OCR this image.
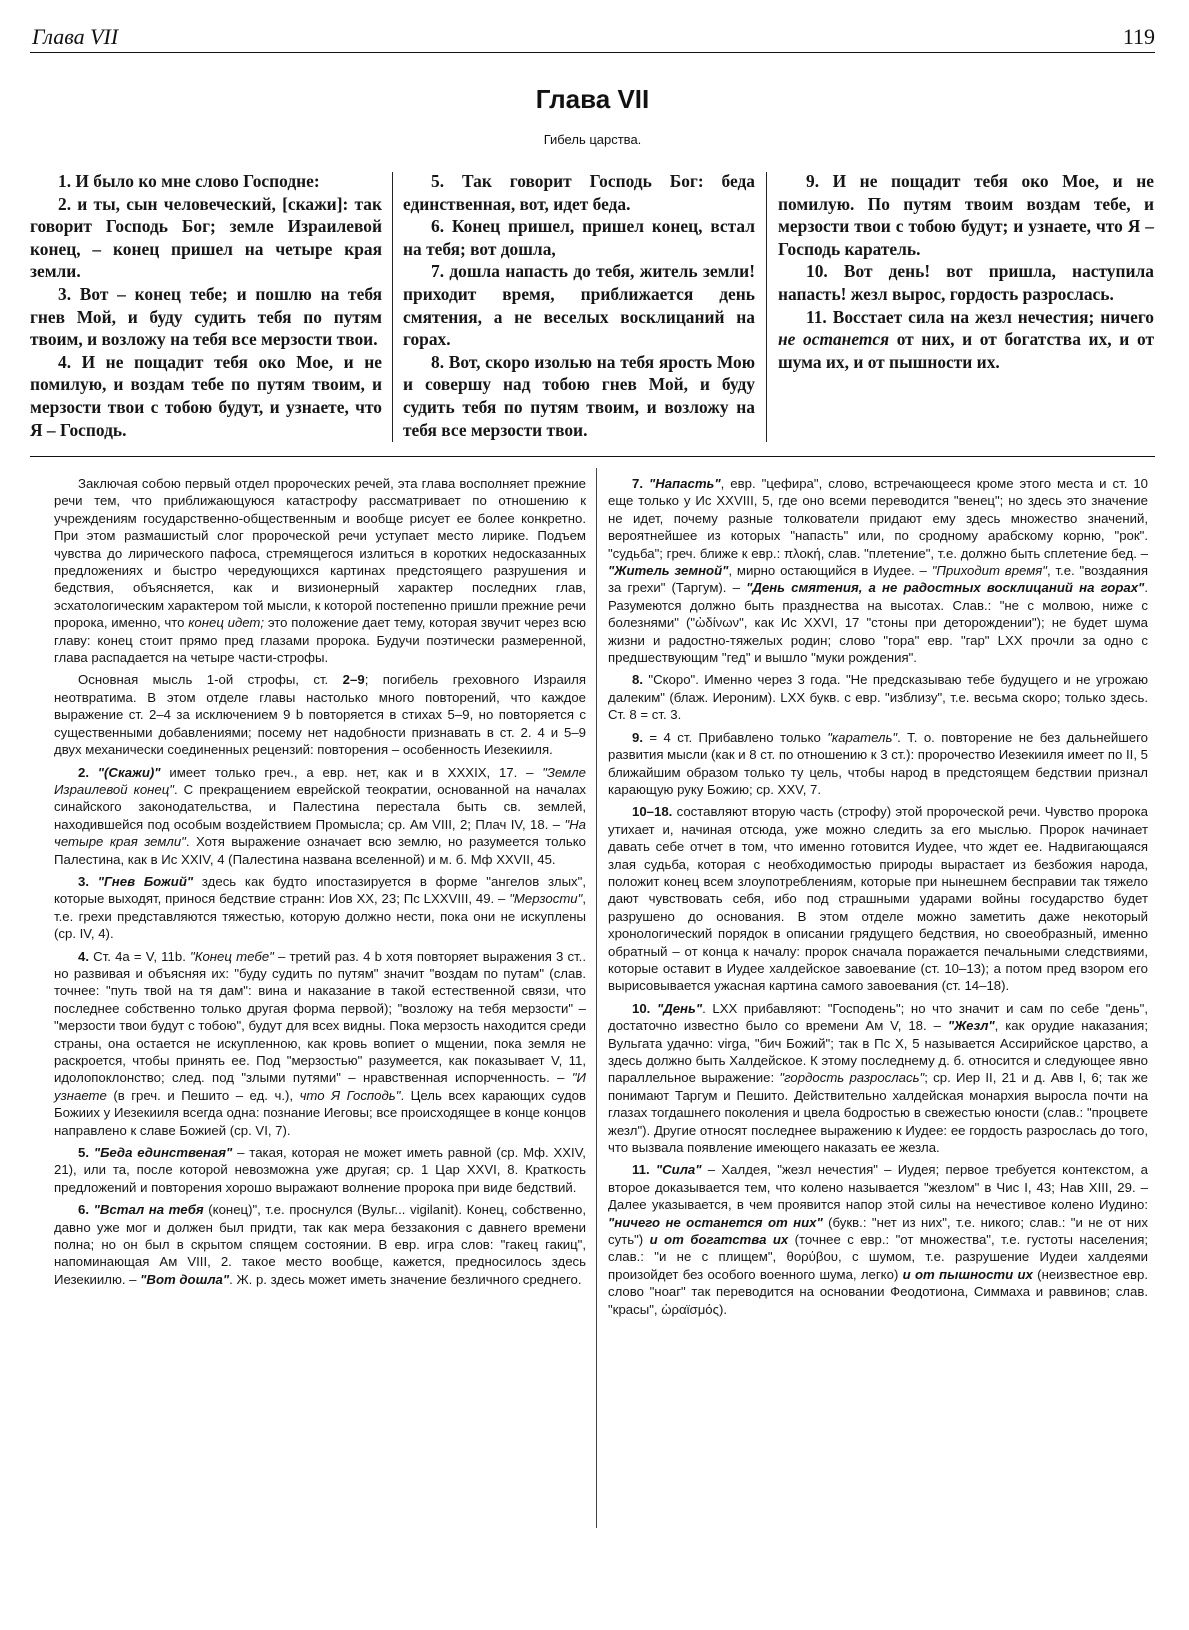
Глава VII	119
Глава VII
Гибель царства.

1. И было ко мне слово Господне:

2. и ты, сын человеческий, [скажи]: так говорит Господь Бог; земле Израилевой конец, – конец пришел на четыре края земли.

3. Вот – конец тебе; и пошлю на тебя гнев Мой, и буду судить тебя по путям твоим, и возложу на тебя все мерзости твои.

4. И не пощадит тебя око Мое, и не помилую, и воздам тебе по путям твоим, и мерзости твои с тобою будут, и узнаете, что Я – Господь.

5. Так говорит Господь Бог: беда единственная, вот, идет беда.

6. Конец пришел, пришел конец, встал на тебя; вот дошла,

7. дошла напасть до тебя, житель земли! приходит время, приближается день смятения, а не веселых восклицаний на горах.

8. Вот, скоро изолью на тебя ярость Мою и совершу над тобою гнев Мой, и буду судить тебя по путям твоим, и возложу на тебя все мерзости твои.

9. И не пощадит тебя око Мое, и не помилую. По путям твоим воздам тебе, и мерзости твои с тобою будут; и узнаете, что Я – Господь каратель.

10. Вот день! вот пришла, наступила напасть! жезл вырос, гордость разрослась.

11. Восстает сила на жезл нечестия; ничего не останется от них, и от богатства их, и от шума их, и от пышности их.

Заключая собою первый отдел пророческих речей, эта глава восполняет прежние речи тем, что приближающуюся катастрофу рассматривает по отношению к учреждениям государственно-общественным и вообще рисует ее более конкретно. При этом размашистый слог пророческой речи уступает место лирике. Подъем чувства до лирического пафоса, стремящегося излиться в коротких недосказанных предложениях и быстро чередующихся картинах предстоящего разрушения и бедствия, объясняется, как и визионерный характер последних глав, эсхатологическим характером той мысли, к которой постепенно пришли прежние речи пророка, именно, что конец идет; это положение дает тему, которая звучит через всю главу: конец стоит прямо пред глазами пророка. Будучи поэтически размеренной, глава распадается на четыре части-строфы.

Основная мысль 1-ой строфы, ст. 2–9; погибель греховного Израиля неотвратима. В этом отделе главы настолько много повторений, что каждое выражение ст. 2–4 за исключением 9 b повторяется в стихах 5–9, но повторяется с существенными добавлениями; посему нет надобности признавать в ст. 2. 4 и 5–9 двух механически соединенных рецензий: повторения – особенность Иезекииля.

2. "(Скажи)" имеет только греч., а евр. нет, как и в XXXIX, 17. – "Земле Израилевой конец". С прекращением еврейской теократии, основанной на началах синайского законодательства, и Палестина перестала быть св. землей, находившейся под особым воздействием Промысла; ср. Ам VIII, 2; Плач IV, 18. – "На четыре края земли". Хотя выражение означает всю землю, но разумеется только Палестина, как в Ис XXIV, 4 (Палестина названа вселенной) и м. б. Мф XXVII, 45.

3. "Гнев Божий" здесь как будто ипостазируется в форме "ангелов злых", которые выходят, принося бедствие странн: Иов XX, 23; Пс LXXVIII, 49. – "Мерзости", т.е. грехи представляются тяжестью, которую должно нести, пока они не искуплены (ср. IV, 4).

4. Ст. 4а = V, 11b. "Конец тебе" – третий раз. 4 b хотя повторяет выражения 3 ст.. но развивая и объясняя их: "буду судить по путям" значит "воздам по путам" (слав. точнее: "путь твой на тя дам": вина и наказание в такой естественной связи, что последнее собственно только другая форма первой); "возложу на тебя мерзости" – "мерзости твои будут с тобою", будут для всех видны. Пока мерзость находится среди страны, она остается не искупленною, как кровь вопиет о мщении, пока земля не раскроется, чтобы принять ее. Под "мерзостью" разумеется, как показывает V, 11, идолопоклонство; след. под "злыми путями" – нравственная испорченность. – "И узнаете (в греч. и Пешито – ед. ч.), что Я Господь". Цель всех карающих судов Божиих у Иезекииля всегда одна: познание Иеговы; все происходящее в конце концов направлено к славе Божией (ср. VI, 7).

5. "Беда единственая" – такая, которая не может иметь равной (ср. Мф. XXIV, 21), или та, после которой невозможна уже другая; ср. 1 Цар XXVI, 8. Краткость предложений и повторения хорошо выражают волнение пророка при виде бедствий.

6. "Встал на тебя (конец)", т.е. проснулся (Вульг... vigilanit). Конец, собственно, давно уже мог и должен был придти, так как мера беззакония с давнего времени полна; но он был в скрытом спящем состоянии. В евр. игра слов: "гакец гакиц", напоминающая Ам VIII, 2. такое место вообще, кажется, предносилось здесь Иезекиилю. – "Вот дошла". Ж. р. здесь может иметь значение безличного среднего.

7. "Напасть", евр. "цефира", слово, встречающееся кроме этого места и ст. 10 еще только у Ис XXVIII, 5, где оно всеми переводится "венец"; но здесь это значение не идет, почему разные толкователи придают ему здесь множество значений, вероятнейшее из которых "напасть" или, по сродному арабскому корню, "рок". "судьба"; греч. ближе к евр.: πλοκή, слав. "плетение", т.е. должно быть сплетение бед. – "Житель земной", мирно остающийся в Иудее. – "Приходит время", т.е. "воздаяния за грехи" (Таргум). – "День смятения, а не радостных восклицаний на горах". Разумеются должно быть празднества на высотах. Слав.: "не с молвою, ниже с болезнями" ("ὠδίνων", как Ис XXVI, 17 "стоны при деторождении"); не будет шума жизни и радостно-тяжелых родин; слово "гора" евр. "гар" LXX прочли за одно с предшествующим "гед" и вышло "муки рождения".

8. "Скоро". Именно через 3 года. "Не предсказываю тебе будущего и не угрожаю далеким" (блаж. Иероним). LXX букв. с евр. "изблизу", т.е. весьма скоро; только здесь. Ст. 8 = ст. 3.

9. = 4 ст. Прибавлено только "каратель". Т. о. повторение не без дальнейшего развития мысли (как и 8 ст. по отношению к 3 ст.): пророчество Иезекииля имеет по II, 5 ближайшим образом только ту цель, чтобы народ в предстоящем бедствии признал карающую руку Божию; ср. XXV, 7.

10–18. составляют вторую часть (строфу) этой пророческой речи. Чувство пророка утихает и, начиная отсюда, уже можно следить за его мыслью. Пророк начинает давать себе отчет в том, что именно готовится Иудее, что ждет ее. Надвигающаяся злая судьба, которая с необходимостью природы вырастает из безбожия народа, положит конец всем злоупотреблениям, которые при нынешнем бесправии так тяжело дают чувствовать себя, ибо под страшными ударами войны государство будет разрушено до основания. В этом отделе можно заметить даже некоторый хронологический порядок в описании грядущего бедствия, но своеобразный, именно обратный – от конца к началу: пророк сначала поражается печальными следствиями, которые оставит в Иудее халдейское завоевание (ст. 10–13); а потом пред взором его вырисовывается ужасная картина самого завоевания (ст. 14–18).

10. "День". LXX прибавляют: "Господень"; но что значит и сам по себе "день", достаточно известно было со времени Ам V, 18. – "Жезл", как орудие наказания; Вульгата удачно: virga, "бич Божий"; так в Пс X, 5 называется Ассирийское царство, а здесь должно быть Халдейское. К этому последнему д. б. относится и следующее явно параллельное выражение: "гордость разрослась"; ср. Иер II, 21 и д. Авв I, 6; так же понимают Таргум и Пешито. Действительно халдейская монархия выросла почти на глазах тогдашнего поколения и цвела бодростью в свежестью юности (слав.: "процвете жезл"). Другие относят последнее выражению к Иудее: ее гордость разрослась до того, что вызвала появление имеющего наказать ее жезла.

11. "Сила" – Халдея, "жезл нечестия" – Иудея; первое требуется контекстом, а второе доказывается тем, что колено называется "жезлом" в Чис I, 43; Нав XIII, 29. – Далее указывается, в чем проявится напор этой силы на нечестивое колено Иудино: "ничего не останется от них" (букв.: "нет из них", т.е. никого; слав.: "и не от них суть") и от богатства их (точнее с евр.: "от множества", т.е. густоты населения; слав.: "и не с плищем", θορύβου, с шумом, т.е. разрушение Иудеи халдеями произойдет без особого военного шума, легко) и от пышности их (неизвестное евр. слово "ноаг" так переводится на основании Феодотиона, Симмаха и раввинов; слав. "красы", ὡραϊσμός).
